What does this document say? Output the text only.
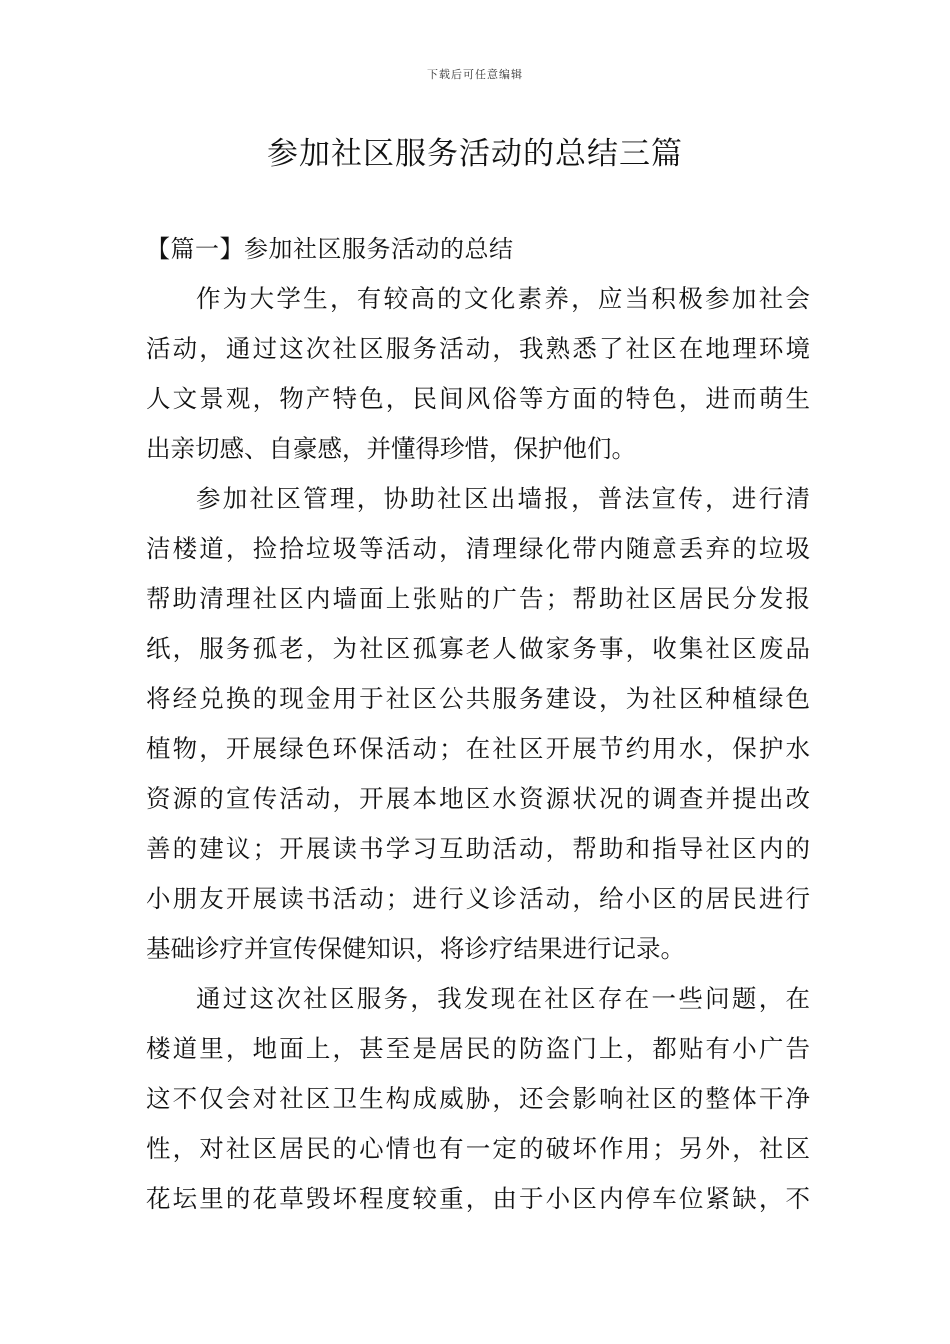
下载后可任意编辑
参加社区服务活动的总结三篇
【篇一】参加社区服务活动的总结

作为大学生，有较高的文化素养，应当积极参加社会
活动，通过这次社区服务活动，我熟悉了社区在地理环境
人文景观，物产特色，民间风俗等方面的特色，进而萌生
出亲切感、自豪感，并懂得珍惜，保护他们。

参加社区管理，协助社区出墙报，普法宣传，进行清
洁楼道，捡拾垃圾等活动，清理绿化带内随意丢弃的垃圾
帮助清理社区内墙面上张贴的广告；帮助社区居民分发报
纸，服务孤老，为社区孤寡老人做家务事，收集社区废品
将经兑换的现金用于社区公共服务建设，为社区种植绿色
植物，开展绿色环保活动；在社区开展节约用水，保护水
资源的宣传活动，开展本地区水资源状况的调查并提出改
善的建议；开展读书学习互助活动，帮助和指导社区内的
小朋友开展读书活动；进行义诊活动，给小区的居民进行
基础诊疗并宣传保健知识，将诊疗结果进行记录。

通过这次社区服务，我发现在社区存在一些问题，在
楼道里，地面上，甚至是居民的防盗门上，都贴有小广告
这不仅会对社区卫生构成威胁，还会影响社区的整体干净
性，对社区居民的心情也有一定的破坏作用；另外，社区
花坛里的花草毁坏程度较重，由于小区内停车位紧缺，不
